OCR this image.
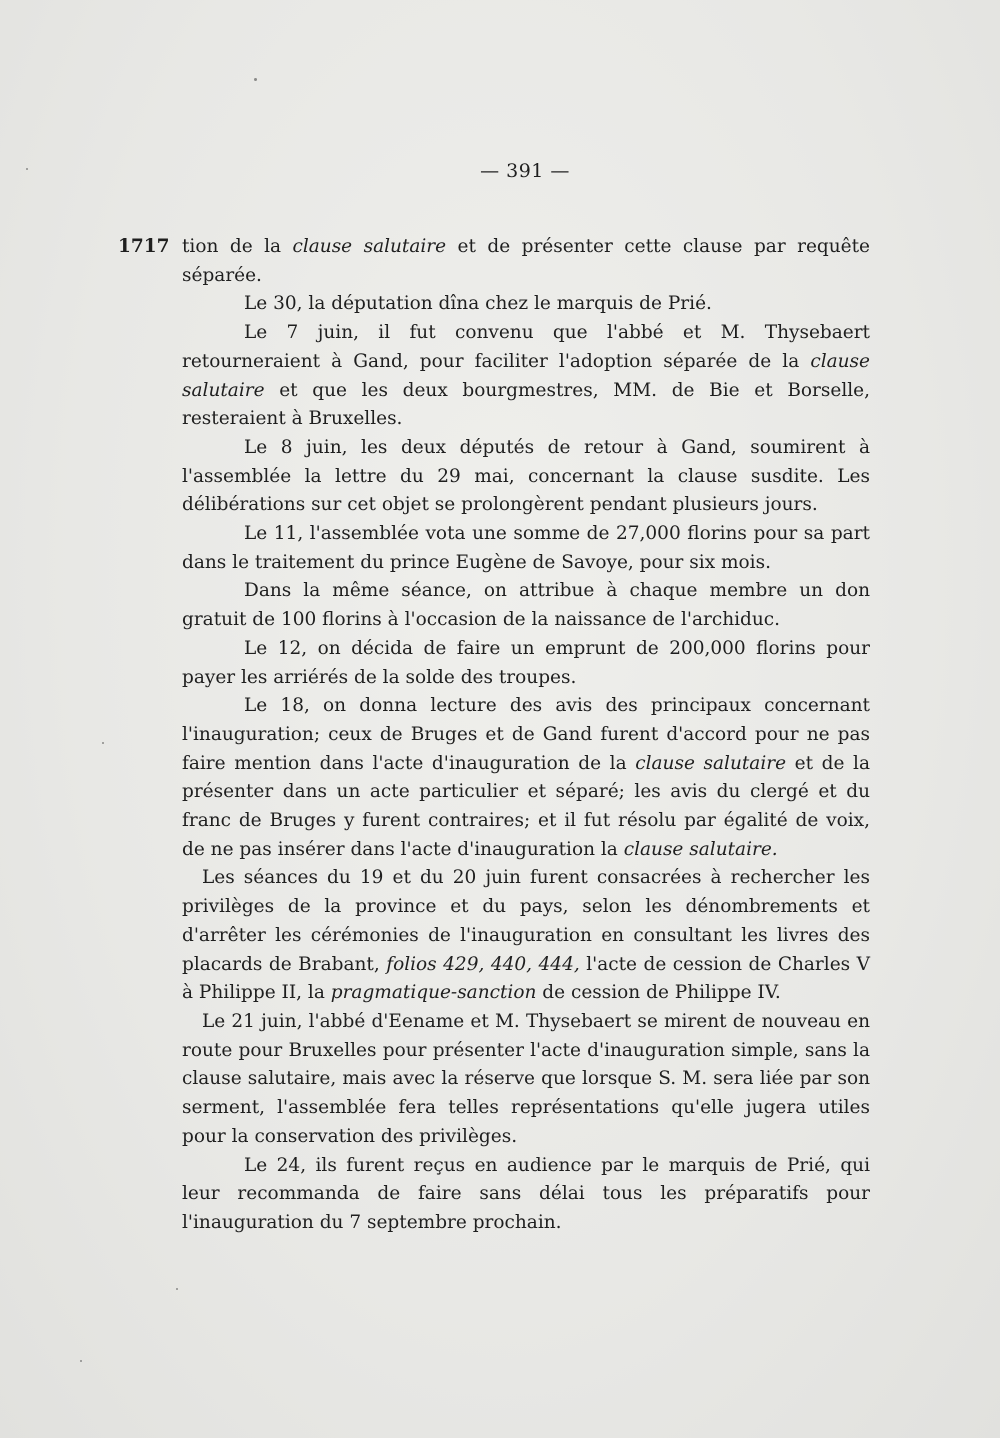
— 391 —
1717 tion de la clause salutaire et de présenter cette clause par requête séparée.

Le 30, la députation dîna chez le marquis de Prié.

Le 7 juin, il fut convenu que l'abbé et M. Thysebaert retourneraient à Gand, pour faciliter l'adoption séparée de la clause salutaire et que les deux bourgmestres, MM. de Bie et Borselle, resteraient à Bruxelles.

Le 8 juin, les deux députés de retour à Gand, soumirent à l'assemblée la lettre du 29 mai, concernant la clause susdite. Les délibérations sur cet objet se prolongèrent pendant plusieurs jours.

Le 11, l'assemblée vota une somme de 27,000 florins pour sa part dans le traitement du prince Eugène de Savoye, pour six mois.

Dans la même séance, on attribue à chaque membre un don gratuit de 100 florins à l'occasion de la naissance de l'archiduc.

Le 12, on décida de faire un emprunt de 200,000 florins pour payer les arriérés de la solde des troupes.

Le 18, on donna lecture des avis des principaux concernant l'inauguration; ceux de Bruges et de Gand furent d'accord pour ne pas faire mention dans l'acte d'inauguration de la clause salutaire et de la présenter dans un acte particulier et séparé; les avis du clergé et du franc de Bruges y furent contraires; et il fut résolu par égalité de voix, de ne pas insérer dans l'acte d'inauguration la clause salutaire.

Les séances du 19 et du 20 juin furent consacrées à rechercher les privilèges de la province et du pays, selon les dénombrements et d'arrêter les cérémonies de l'inauguration en consultant les livres des placards de Brabant, folios 429, 440, 444, l'acte de cession de Charles V à Philippe II, la pragmatique-sanction de cession de Philippe IV.

Le 21 juin, l'abbé d'Eename et M. Thysebaert se mirent de nouveau en route pour Bruxelles pour présenter l'acte d'inauguration simple, sans la clause salutaire, mais avec la réserve que lorsque S. M. sera liée par son serment, l'assemblée fera telles représentations qu'elle jugera utiles pour la conservation des privilèges.

Le 24, ils furent reçus en audience par le marquis de Prié, qui leur recommanda de faire sans délai tous les préparatifs pour l'inauguration du 7 septembre prochain.
